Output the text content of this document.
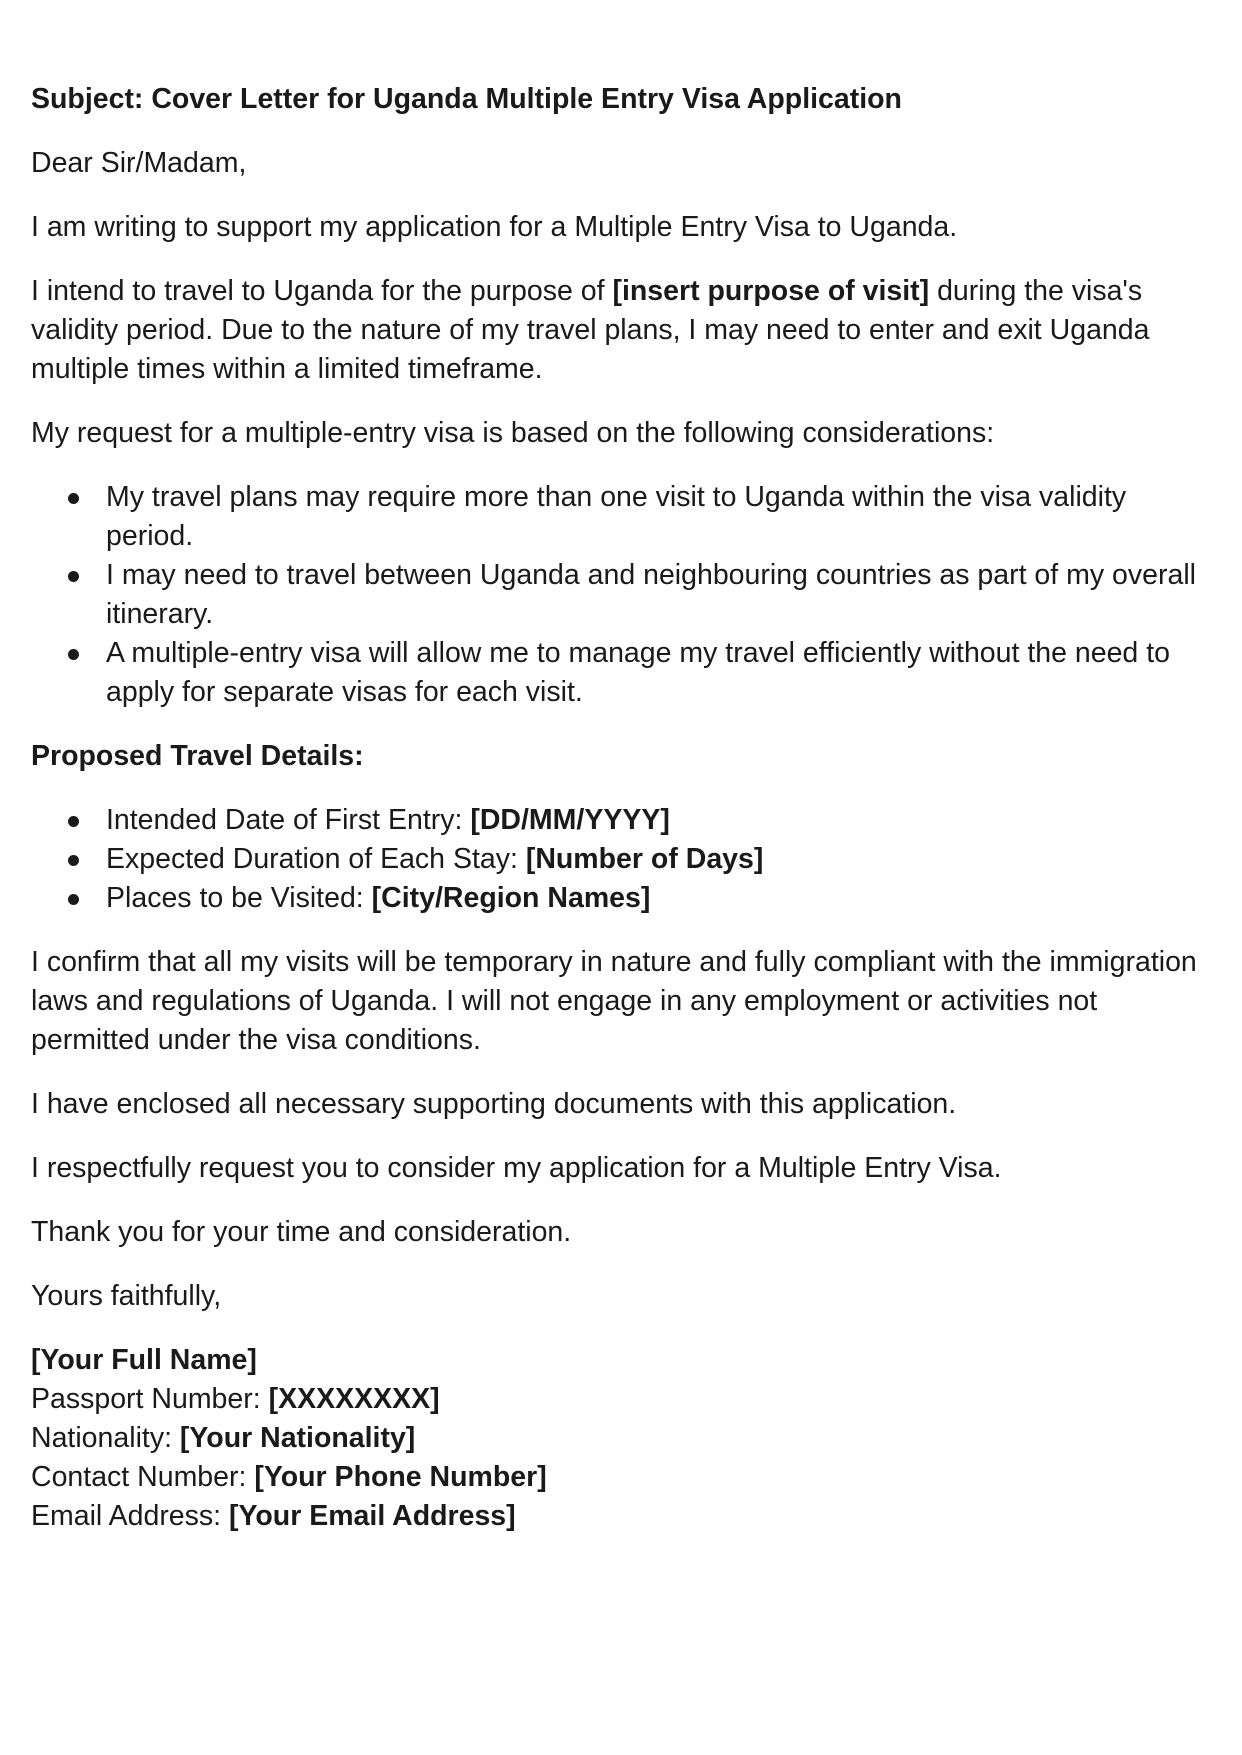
Subject: Cover Letter for Uganda Multiple Entry Visa Application

Dear Sir/Madam,

I am writing to support my application for a Multiple Entry Visa to Uganda.

I intend to travel to Uganda for the purpose of [insert purpose of visit] during the visa's validity period. Due to the nature of my travel plans, I may need to enter and exit Uganda multiple times within a limited timeframe.

My request for a multiple-entry visa is based on the following considerations:

My travel plans may require more than one visit to Uganda within the visa validity period.
I may need to travel between Uganda and neighbouring countries as part of my overall itinerary.
A multiple-entry visa will allow me to manage my travel efficiently without the need to apply for separate visas for each visit.

Proposed Travel Details:

Intended Date of First Entry: [DD/MM/YYYY]
Expected Duration of Each Stay: [Number of Days]
Places to be Visited: [City/Region Names]

I confirm that all my visits will be temporary in nature and fully compliant with the immigration laws and regulations of Uganda. I will not engage in any employment or activities not permitted under the visa conditions.

I have enclosed all necessary supporting documents with this application.

I respectfully request you to consider my application for a Multiple Entry Visa.

Thank you for your time and consideration.

Yours faithfully,

[Your Full Name]
Passport Number: [XXXXXXXX]
Nationality: [Your Nationality]
Contact Number: [Your Phone Number]
Email Address: [Your Email Address]
